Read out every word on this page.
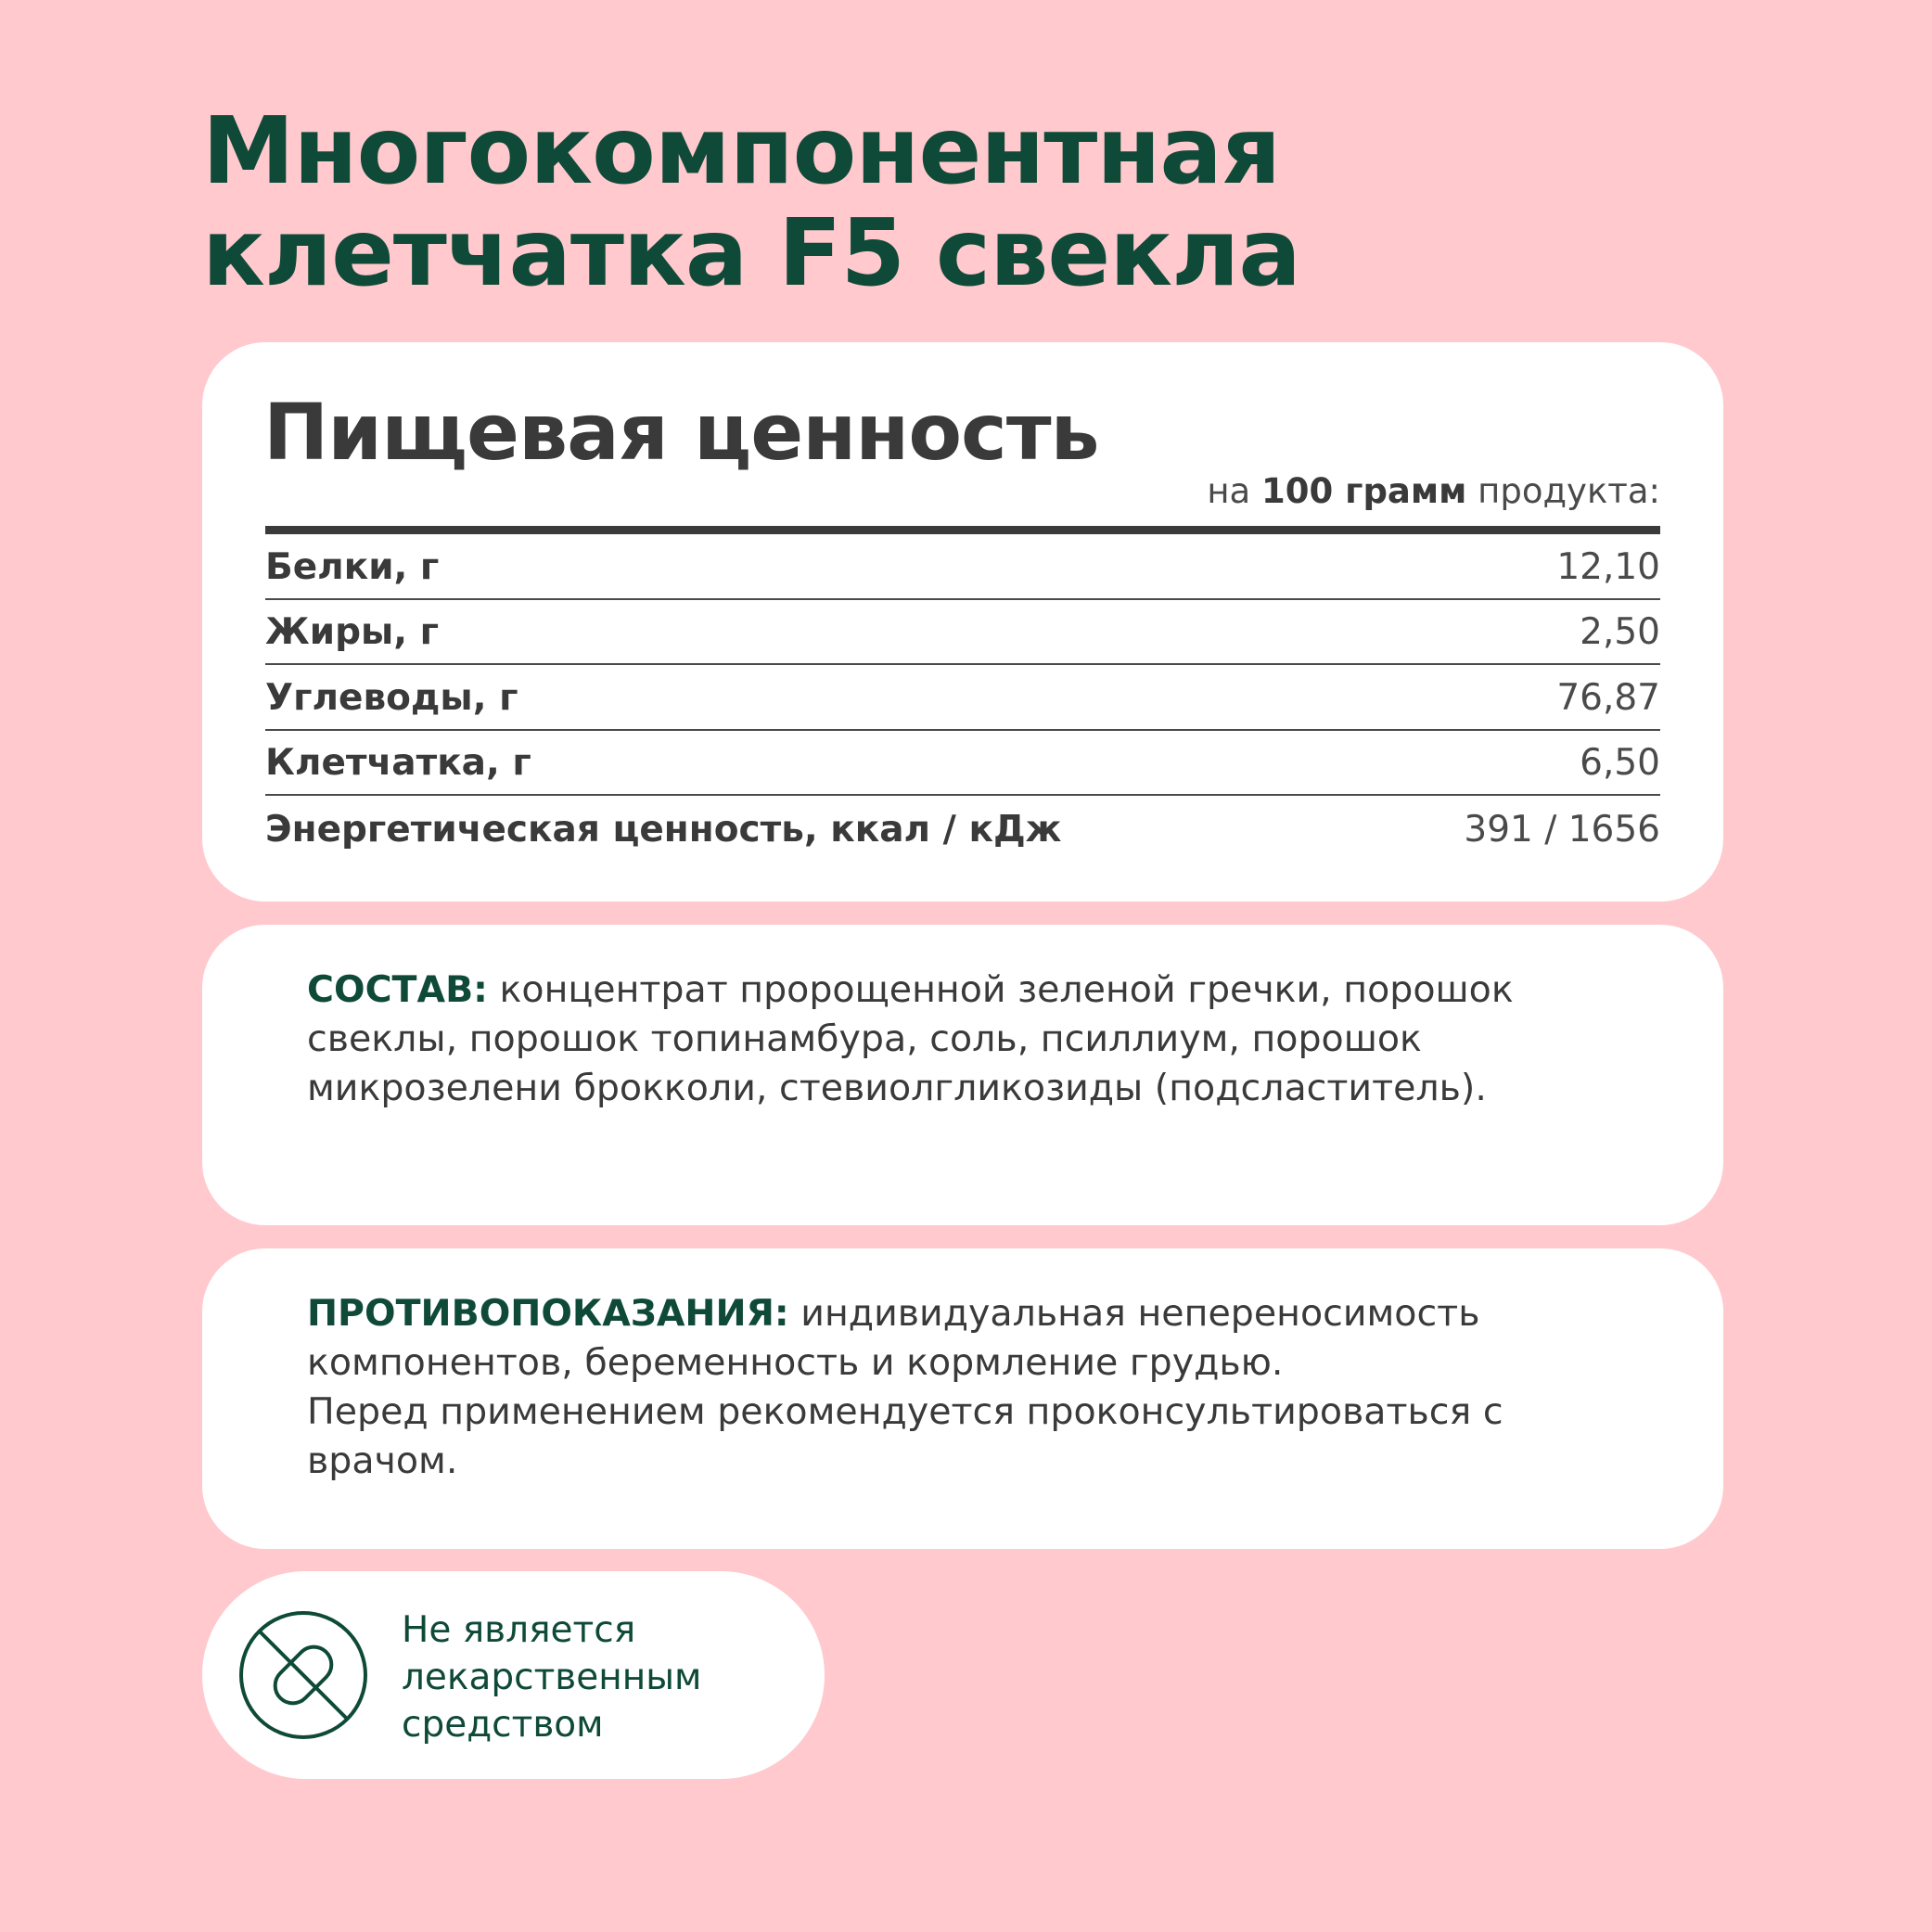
Многокомпонентная
клетчатка F5 свекла
Пищевая ценность
на 100 грамм продукта:
Белки, г	12,10
Жиры, г	2,50
Углеводы, г	76,87
Клетчатка, г	6,50
Энергетическая ценность, ккал / кДж	391 / 1656

СОСТАВ: концентрат пророщенной зеленой гречки, порошок свеклы, порошок топинамбура, соль, псиллиум, порошок микрозелени брокколи, стевиолгликозиды (подсластитель).

ПРОТИВОПОКАЗАНИЯ: индивидуальная непереносимость компонентов, беременность и кормление грудью.
Перед применением рекомендуется проконсультироваться с врачом.

Не является
лекарственным
средством
